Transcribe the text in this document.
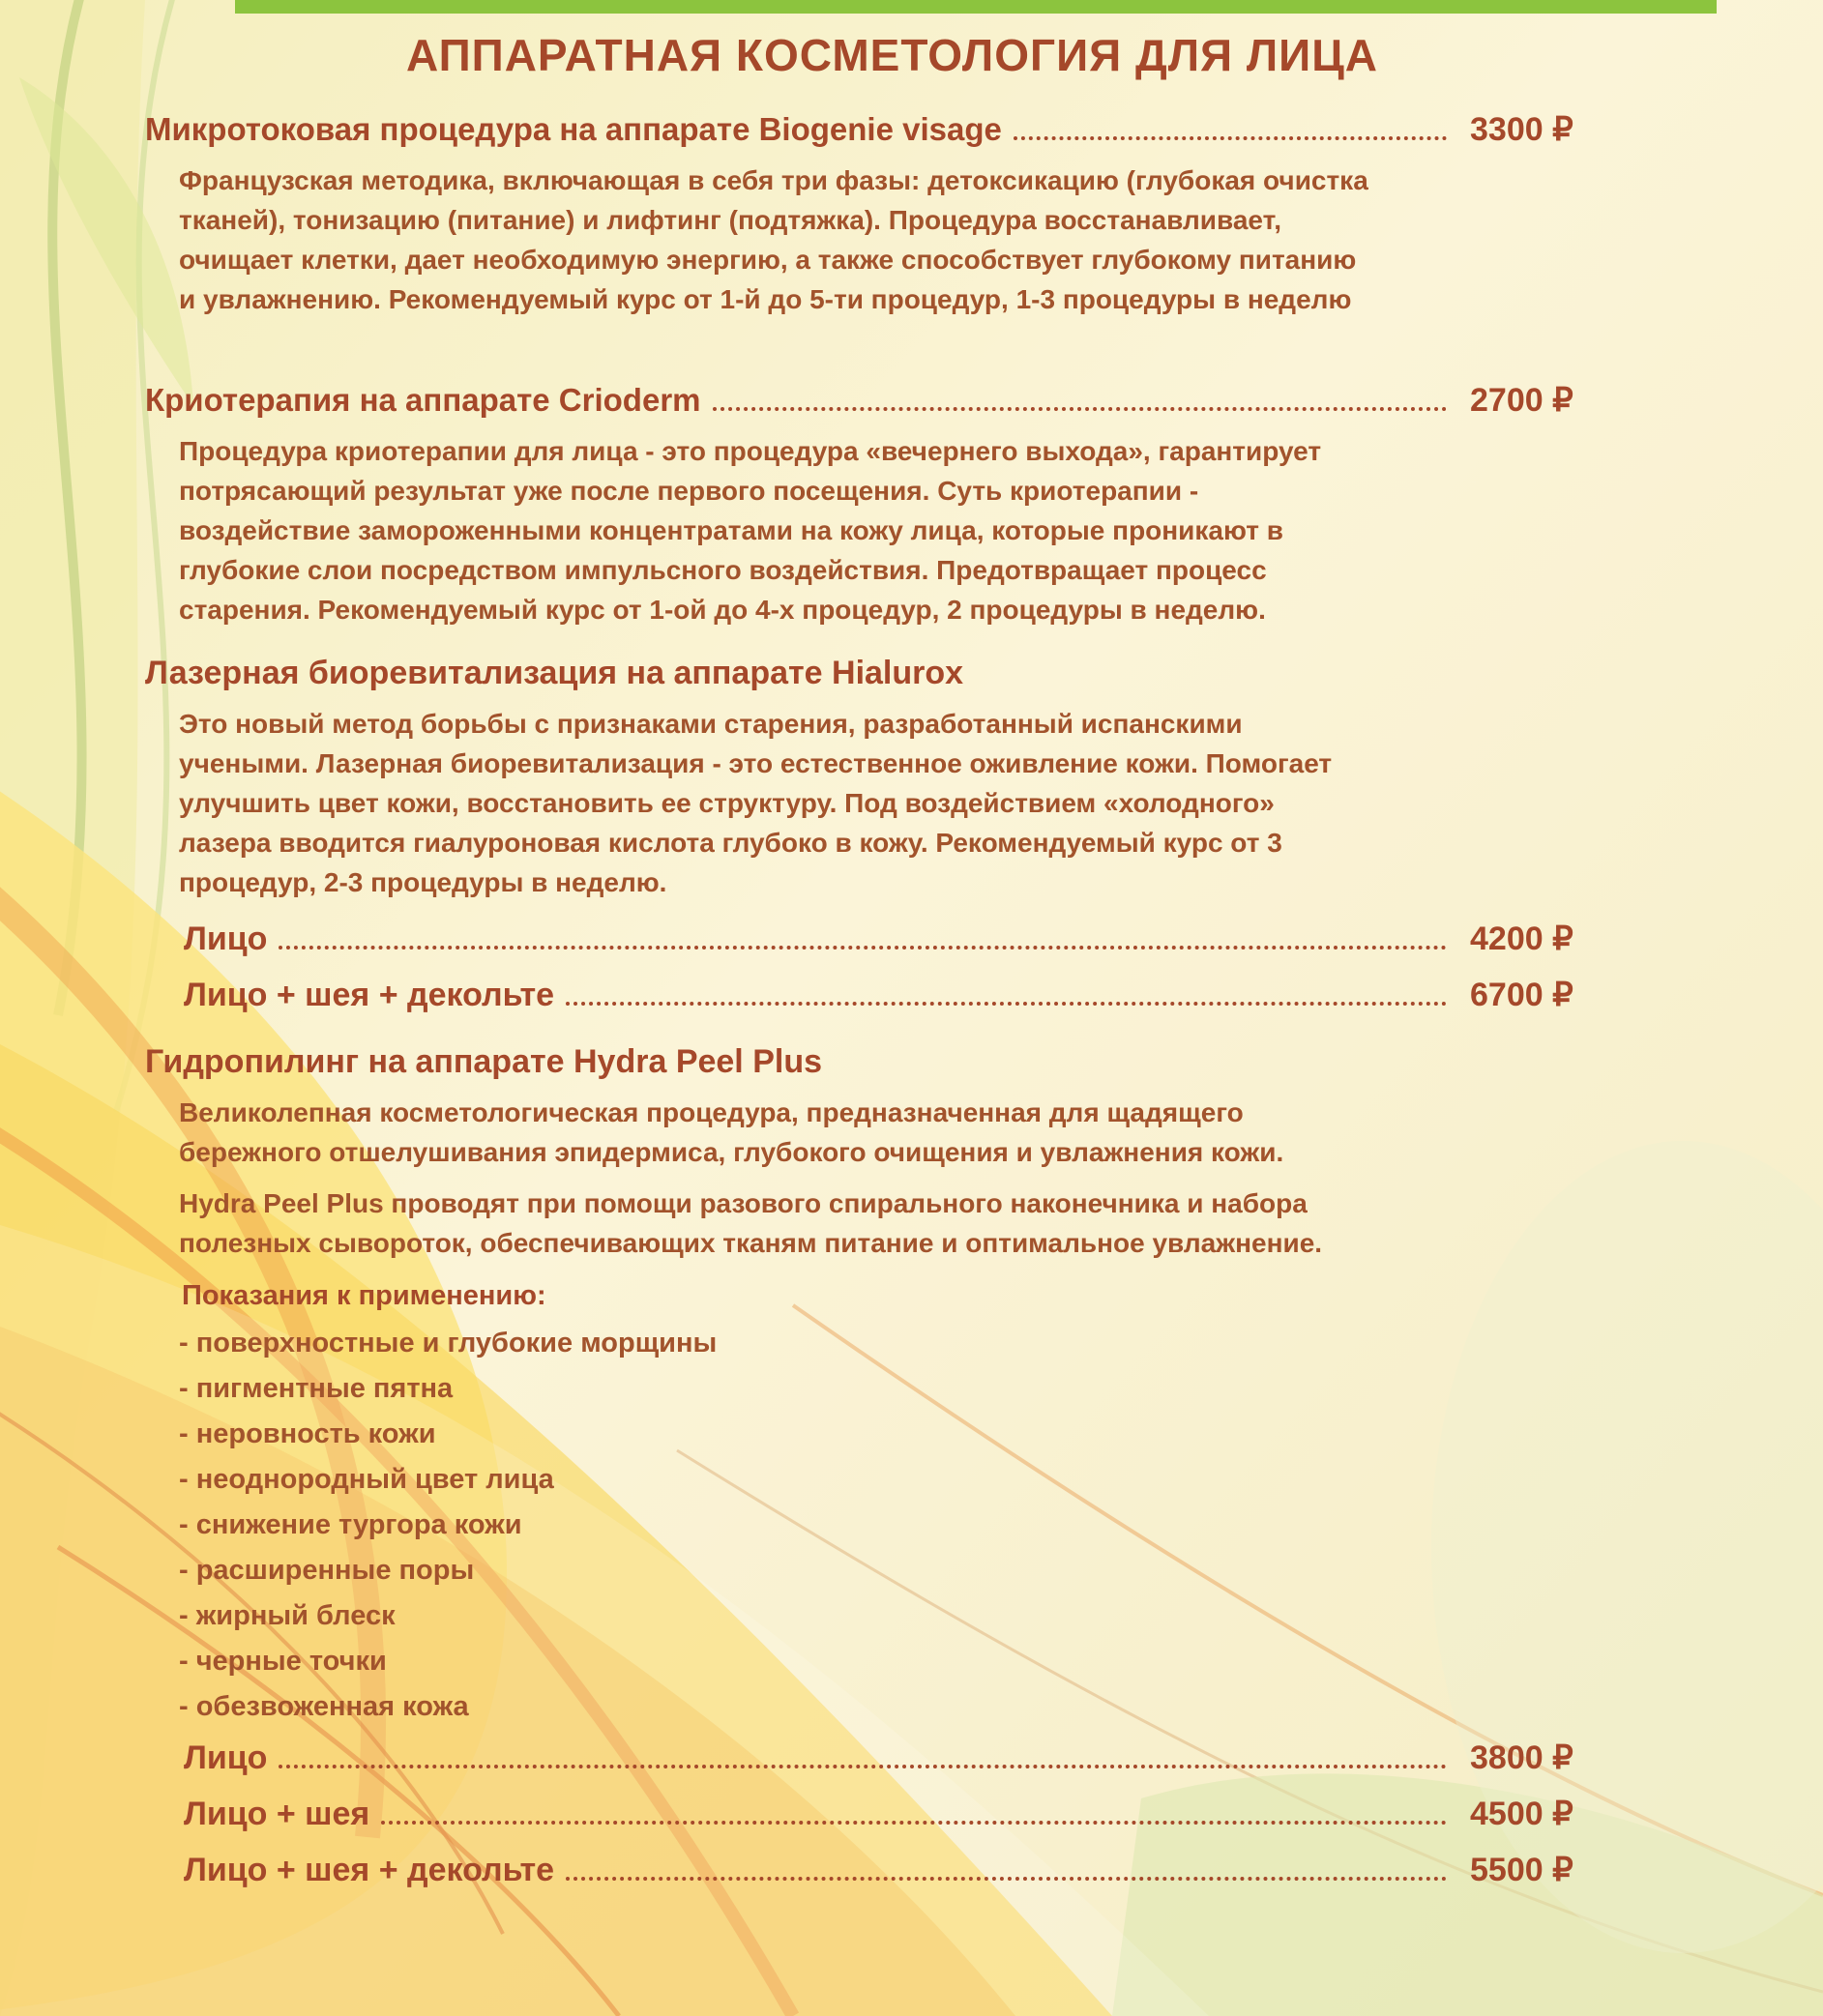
АППАРАТНАЯ КОСМЕТОЛОГИЯ ДЛЯ ЛИЦА
Микротоковая процедура на аппарате Biogenie visage	3300 ₽

Французская методика, включающая в себя три фазы: детоксикацию (глубокая очистка тканей), тонизацию (питание) и лифтинг (подтяжка). Процедура восстанавливает, очищает клетки, дает необходимую энергию, а также способствует глубокому питанию и увлажнению. Рекомендуемый курс от 1-й до 5-ти процедур, 1-3 процедуры в неделю

Криотерапия на аппарате Crioderm	2700 ₽

Процедура криотерапии для лица - это процедура «вечернего выхода», гарантирует потрясающий результат уже после первого посещения. Суть криотерапии - воздействие замороженными концентратами на кожу лица, которые проникают в глубокие слои посредством импульсного воздействия. Предотвращает процесс старения. Рекомендуемый курс от 1-ой до 4-х процедур, 2 процедуры в неделю.

Лазерная биоревитализация на аппарате Hialurox

Это новый метод борьбы с признаками старения, разработанный испанскими учеными. Лазерная биоревитализация - это естественное оживление кожи. Помогает улучшить цвет кожи, восстановить ее структуру. Под воздействием «холодного» лазера вводится гиалуроновая кислота глубоко в кожу. Рекомендуемый курс от 3 процедур, 2-3 процедуры в неделю.

Лицо	4200 ₽
Лицо + шея + декольте	6700 ₽
Гидропилинг на аппарате Hydra Peel Plus

Великолепная косметологическая процедура, предназначенная для щадящего бережного отшелушивания эпидермиса, глубокого очищения и увлажнения кожи.

Hydra Peel Plus проводят при помощи разового спирального наконечника и набора полезных сывороток, обеспечивающих тканям питание и оптимальное увлажнение.

Показания к применению:

- поверхностные и глубокие морщины

- пигментные пятна

- неровность кожи

- неоднородный цвет лица

- снижение тургора кожи

- расширенные поры

- жирный блеск

- черные точки

- обезвоженная кожа

Лицо	3800 ₽
Лицо + шея	4500 ₽
Лицо + шея + декольте	5500 ₽
